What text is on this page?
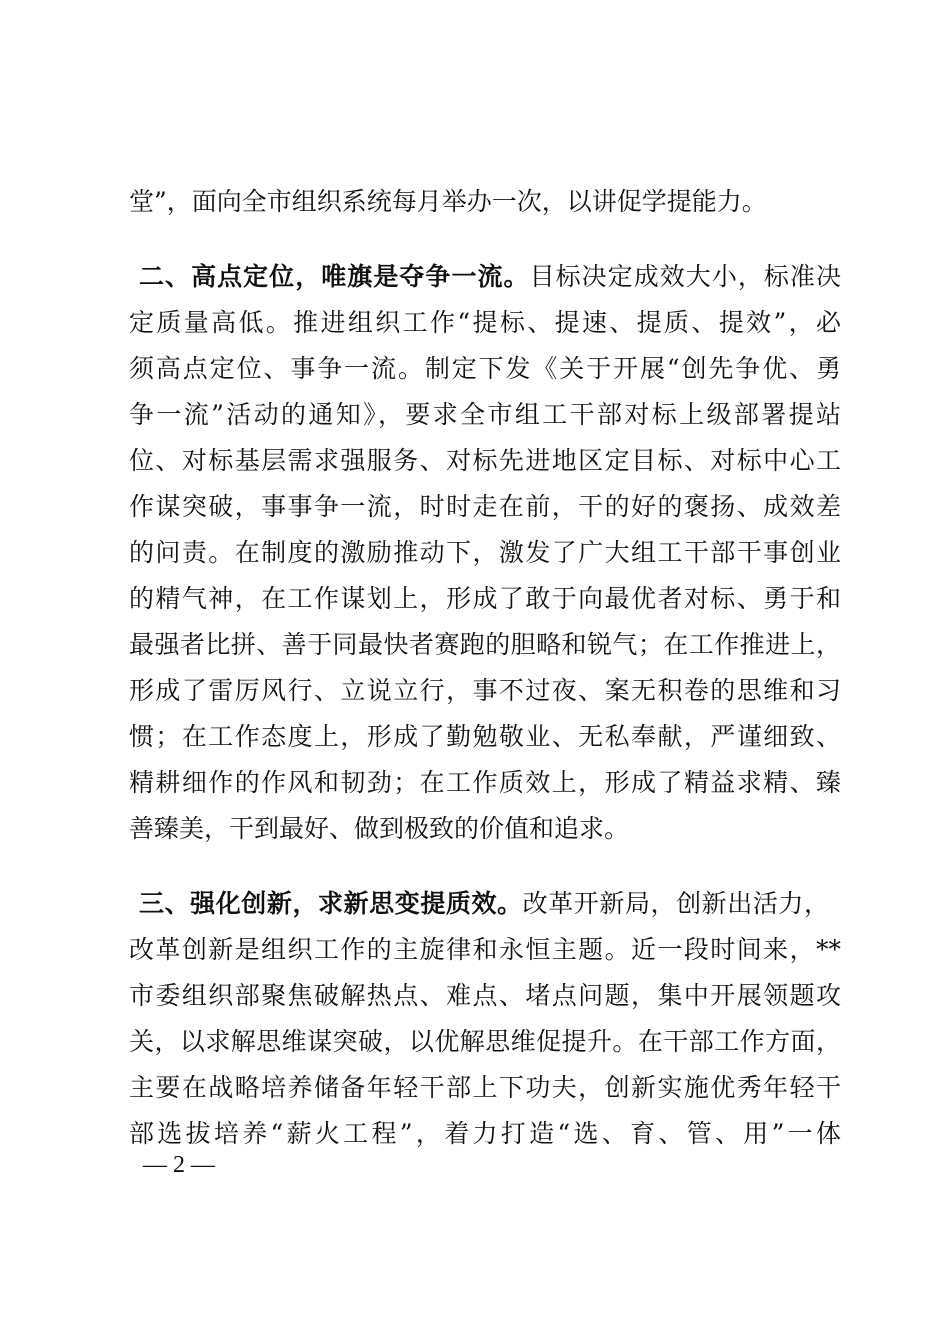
堂”，面向全市组织系统每月举办一次，以讲促学提能力。
二、高点定位，唯旗是夺争一流。目标决定成效大小，标准决
定质量高低。推进组织工作“提标、提速、提质、提效”，必
须高点定位、事争一流。制定下发《关于开展“创先争优、勇
争一流”活动的通知》，要求全市组工干部对标上级部署提站
位、对标基层需求强服务、对标先进地区定目标、对标中心工
作谋突破，事事争一流，时时走在前，干的好的褒扬、成效差
的问责。在制度的激励推动下，激发了广大组工干部干事创业
的精气神，在工作谋划上，形成了敢于向最优者对标、勇于和
最强者比拼、善于同最快者赛跑的胆略和锐气；在工作推进上，
形成了雷厉风行、立说立行，事不过夜、案无积卷的思维和习
惯；在工作态度上，形成了勤勉敬业、无私奉献，严谨细致、
精耕细作的作风和韧劲；在工作质效上，形成了精益求精、臻
善臻美，干到最好、做到极致的价值和追求。
三、强化创新，求新思变提质效。改革开新局，创新出活力，
改革创新是组织工作的主旋律和永恒主题。近一段时间来，**
市委组织部聚焦破解热点、难点、堵点问题，集中开展领题攻
关，以求解思维谋突破，以优解思维促提升。在干部工作方面，
主要在战略培养储备年轻干部上下功夫，创新实施优秀年轻干
部选拔培养“薪火工程”，着力打造“选、育、管、用”一体
— 2 —
